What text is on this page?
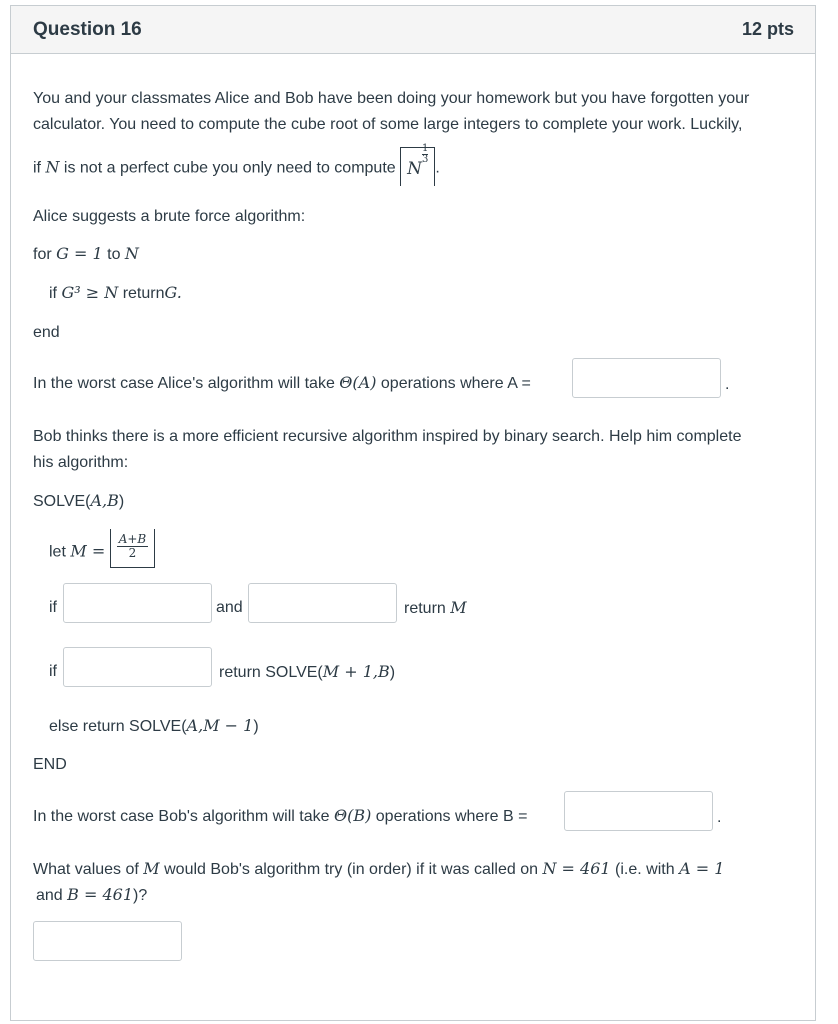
Question 16	12 pts
You and your classmates Alice and Bob have been doing your homework but you have forgotten your
calculator. You need to compute the cube root of some large integers to complete your work. Luckily,
if N is not a perfect cube you only need to compute N
$\frac{1}{3}$
.
Alice suggests a brute force algorithm:
for G = 1 to N
if G³ ≥ N returnG.
end
In the worst case Alice's algorithm will take Θ(A) operations where A =	.
Bob thinks there is a more efficient recursive algorithm inspired by binary search. Help him complete
his algorithm:
SOLVE(A,B)
let $M = \frac{A+B}{2}$
if	and	return M
if	return SOLVE(M + 1,B)
else return SOLVE(A,M − 1)
END
In the worst case Bob's algorithm will take Θ(B) operations where B =	.
What values of M would Bob's algorithm try (in order) if it was called on N = 461 (i.e. with A = 1
and B = 461)?
